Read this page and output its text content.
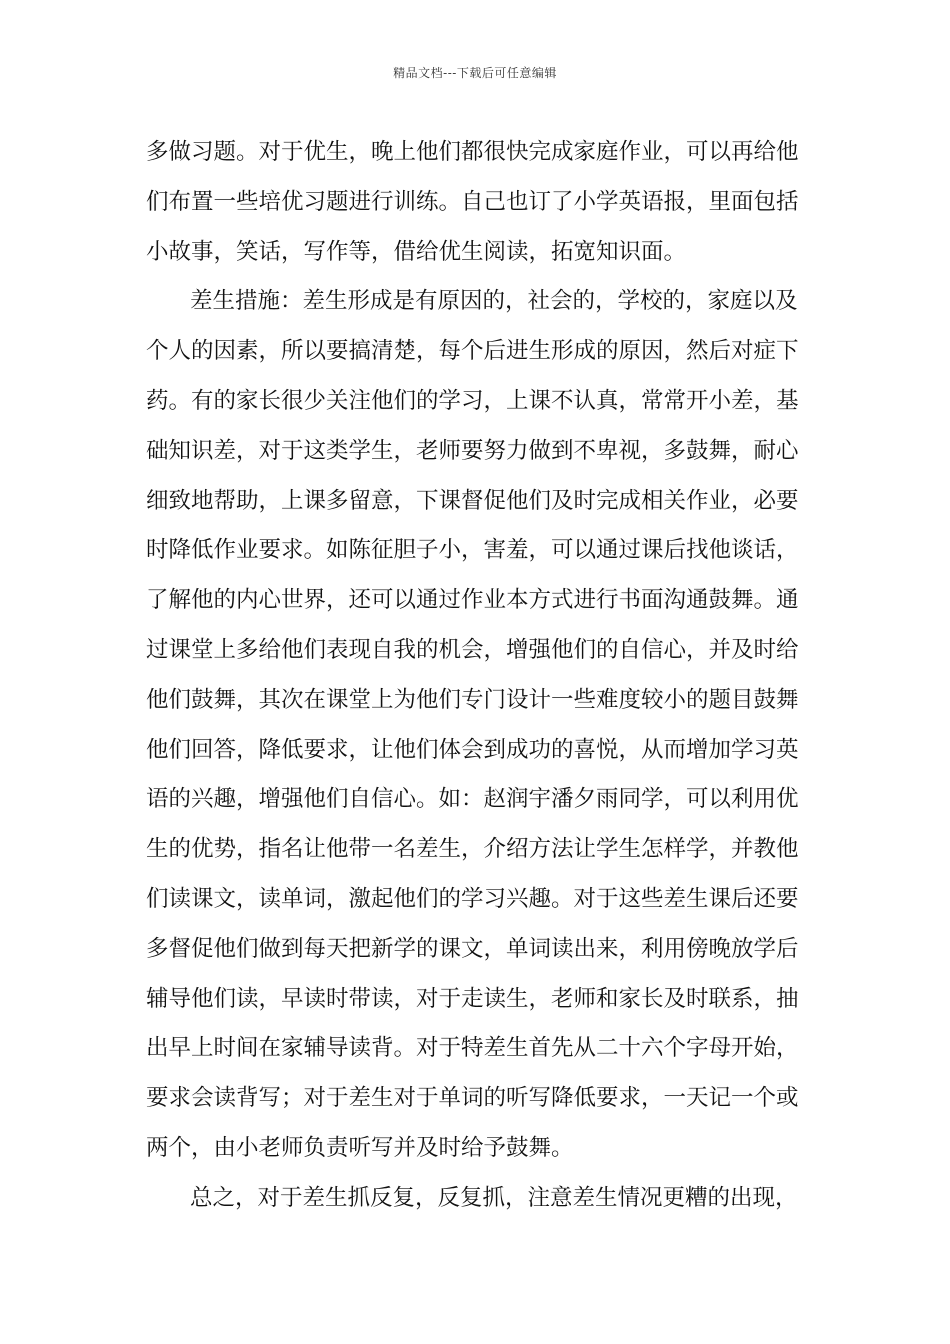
精品文档---下载后可任意编辑
多做习题。对于优生，晚上他们都很快完成家庭作业，可以再给他
们布置一些培优习题进行训练。自己也订了小学英语报，里面包括
小故事，笑话，写作等，借给优生阅读，拓宽知识面。
差生措施：差生形成是有原因的，社会的，学校的，家庭以及
个人的因素，所以要搞清楚，每个后进生形成的原因，然后对症下
药。有的家长很少关注他们的学习，上课不认真，常常开小差，基
础知识差，对于这类学生，老师要努力做到不卑视，多鼓舞，耐心
细致地帮助，上课多留意，下课督促他们及时完成相关作业，必要
时降低作业要求。如陈征胆子小，害羞，可以通过课后找他谈话，
了解他的内心世界，还可以通过作业本方式进行书面沟通鼓舞。通
过课堂上多给他们表现自我的机会，增强他们的自信心，并及时给
他们鼓舞，其次在课堂上为他们专门设计一些难度较小的题目鼓舞
他们回答，降低要求，让他们体会到成功的喜悦，从而增加学习英
语的兴趣，增强他们自信心。如：赵润宇潘夕雨同学，可以利用优
生的优势，指名让他带一名差生，介绍方法让学生怎样学，并教他
们读课文，读单词，激起他们的学习兴趣。对于这些差生课后还要
多督促他们做到每天把新学的课文，单词读出来，利用傍晚放学后
辅导他们读，早读时带读，对于走读生，老师和家长及时联系，抽
出早上时间在家辅导读背。对于特差生首先从二十六个字母开始，
要求会读背写；对于差生对于单词的听写降低要求，一天记一个或
两个，由小老师负责听写并及时给予鼓舞。
总之，对于差生抓反复，反复抓，注意差生情况更糟的出现，
